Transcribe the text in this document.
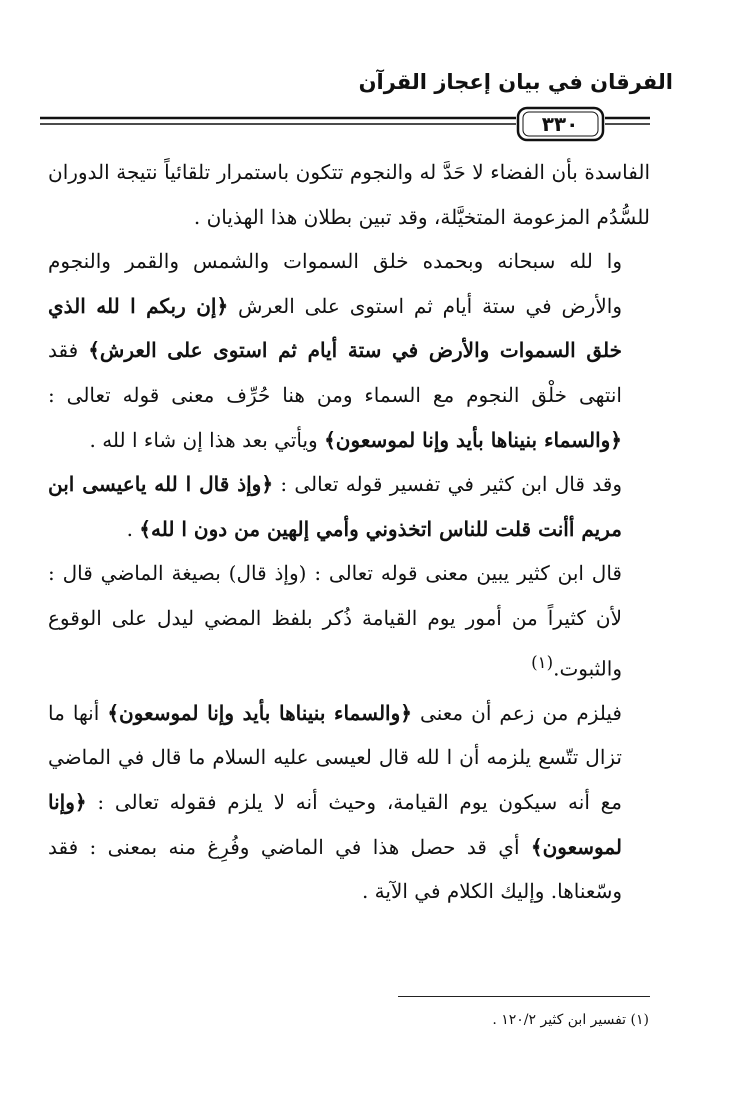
الفرقان في بيان إعجاز القرآن
٣٣٠

الفاسدة بأن الفضاء لا حَدَّ له والنجوم تتكون باستمرار تلقائياً نتيجة الدوران للسُّدُم المزعومة المتخيَّلة، وقد تبين بطلان هذا الهذيان .

وا لله سبحانه وبحمده خلق السموات والشمس والقمر والنجوم والأرض في ستة أيام ثم استوى على العرش ﴿إن ربكم ا لله الذي خلق السموات والأرض في ستة أيام ثم استوى على العرش﴾ فقد انتهى خلْق النجوم مع السماء ومن هنا حُرِّف معنى قوله تعالى : ﴿والسماء بنيناها بأيد وإنا لموسعون﴾ ويأتي بعد هذا إن شاء ا لله .

وقد قال ابن كثير في تفسير قوله تعالى : ﴿وإذ قال ا لله ياعيسى ابن مريم أأنت قلت للناس اتخذوني وأمي إلهين من دون ا لله﴾ .

قال ابن كثير يبين معنى قوله تعالى : (وإذ قال) بصيغة الماضي قال : لأن كثيراً من أمور يوم القيامة ذُكر بلفظ المضي ليدل على الوقوع والثبوت.$^{(١)}$

فيلزم من زعم أن معنى ﴿والسماء بنيناها بأيد وإنا لموسعون﴾ أنها ما تزال تتّسع يلزمه أن ا لله قال لعيسى عليه السلام ما قال في الماضي مع أنه سيكون يوم القيامة، وحيث أنه لا يلزم فقوله تعالى : ﴿وإنا لموسعون﴾ أي قد حصل هذا في الماضي وفُرِغ منه بمعنى : فقد وسّعناها. وإليك الكلام في الآية .

(١) تفسير ابن كثير ١٢٠/٢ .
